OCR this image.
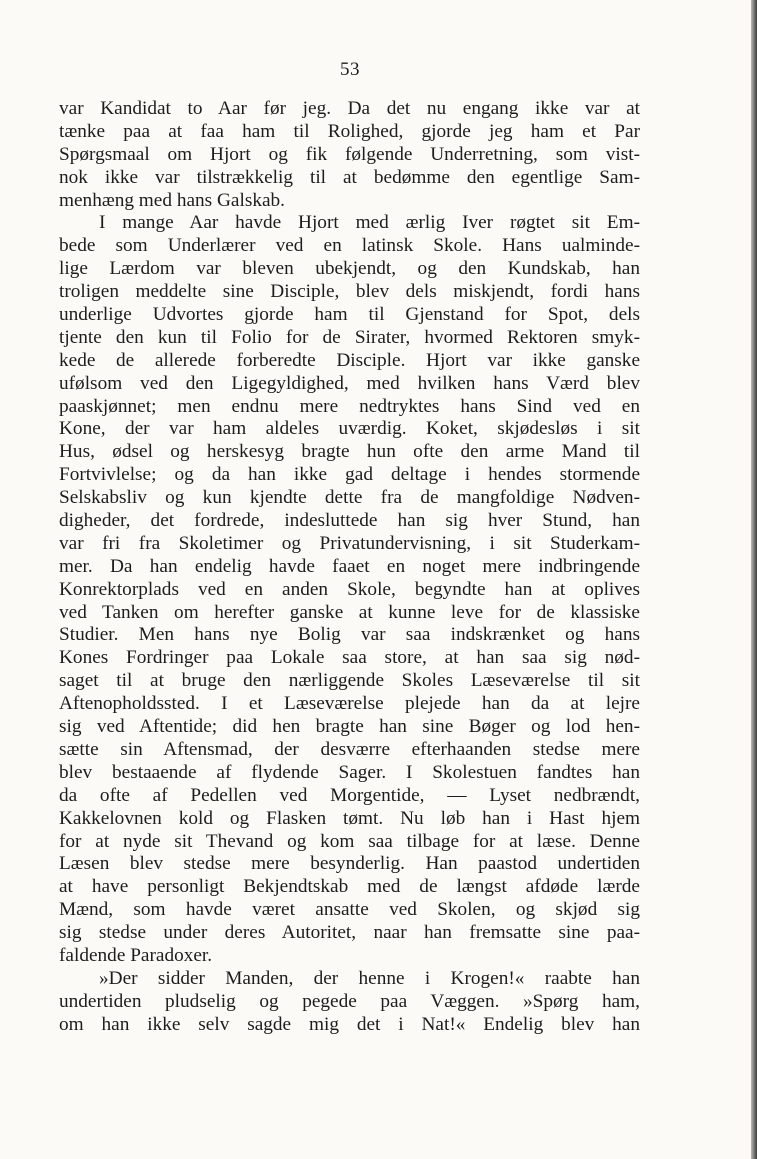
53
var Kandidat to Aar før jeg. Da det nu engang ikke var at
tænke paa at faa ham til Rolighed, gjorde jeg ham et Par
Spørgsmaal om Hjort og fik følgende Underretning, som vist-
nok ikke var tilstrækkelig til at bedømme den egentlige Sam-
menhæng med hans Galskab.
I mange Aar havde Hjort med ærlig Iver røgtet sit Em-
bede som Underlærer ved en latinsk Skole. Hans ualminde-
lige Lærdom var bleven ubekjendt, og den Kundskab, han
troligen meddelte sine Disciple, blev dels miskjendt, fordi hans
underlige Udvortes gjorde ham til Gjenstand for Spot, dels
tjente den kun til Folio for de Sirater, hvormed Rektoren smyk-
kede de allerede forberedte Disciple. Hjort var ikke ganske
ufølsom ved den Ligegyldighed, med hvilken hans Værd blev
paaskjønnet; men endnu mere nedtryktes hans Sind ved en
Kone, der var ham aldeles uværdig. Koket, skjødesløs i sit
Hus, ødsel og herskesyg bragte hun ofte den arme Mand til
Fortvivlelse; og da han ikke gad deltage i hendes stormende
Selskabsliv og kun kjendte dette fra de mangfoldige Nødven-
digheder, det fordrede, indesluttede han sig hver Stund, han
var fri fra Skoletimer og Privatundervisning, i sit Studerkam-
mer. Da han endelig havde faaet en noget mere indbringende
Konrektorplads ved en anden Skole, begyndte han at oplives
ved Tanken om herefter ganske at kunne leve for de klassiske
Studier. Men hans nye Bolig var saa indskrænket og hans
Kones Fordringer paa Lokale saa store, at han saa sig nød-
saget til at bruge den nærliggende Skoles Læseværelse til sit
Aftenopholdssted. I et Læseværelse plejede han da at lejre
sig ved Aftentide; did hen bragte han sine Bøger og lod hen-
sætte sin Aftensmad, der desværre efterhaanden stedse mere
blev bestaaende af flydende Sager. I Skolestuen fandtes han
da ofte af Pedellen ved Morgentide, — Lyset nedbrændt,
Kakkelovnen kold og Flasken tømt. Nu løb han i Hast hjem
for at nyde sit Thevand og kom saa tilbage for at læse. Denne
Læsen blev stedse mere besynderlig. Han paastod undertiden
at have personligt Bekjendtskab med de længst afdøde lærde
Mænd, som havde været ansatte ved Skolen, og skjød sig
sig stedse under deres Autoritet, naar han fremsatte sine paa-
faldende Paradoxer.
»Der sidder Manden, der henne i Krogen!« raabte han
undertiden pludselig og pegede paa Væggen. »Spørg ham,
om han ikke selv sagde mig det i Nat!« Endelig blev han
